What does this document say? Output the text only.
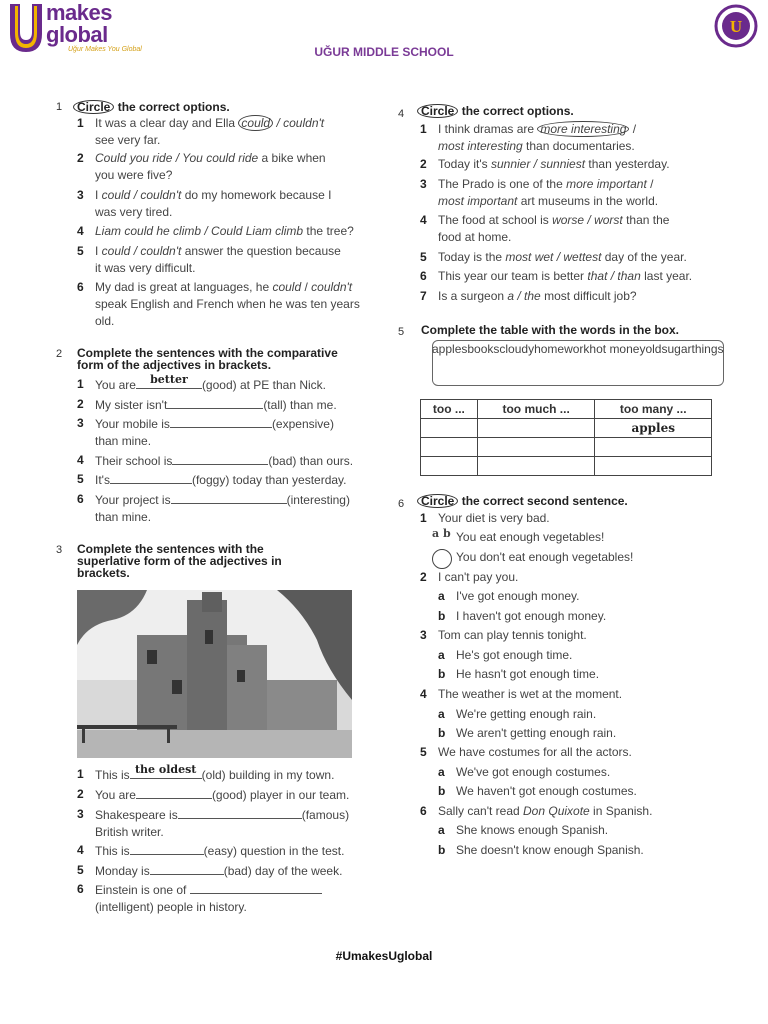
makes
global
Uğur Makes You Global	UĞUR MIDDLE SCHOOL
U
1	Circle the correct options.
1 It was a clear day and Ella could / couldn't
see very far.
2 Could you ride / You could ride a bike when
you were five?
3 I could / couldn't do my homework because I
was very tired.
4 Liam could he climb / Could Liam climb the tree?
5 I could / couldn't answer the question because
it was very difficult.
6 My dad is great at languages, he could / couldn't
speak English and French when he was ten years
old.
2 Complete the sentences with the comparative
form of the adjectives in brackets.
1 You are	better	(good) at PE than Nick.
2 My sister isn't	(tall) than me.
3 Your mobile is	(expensive)
than mine.
4 Their school is	(bad) than ours.
5 It's	(foggy) today than yesterday.
6 Your project is	(interesting)
than mine.
3 Complete the sentences with the
superlative form of the adjectives in
brackets.
1 This is the oldest (old) building in my town.
2 You are	(good) player in our team.
3 Shakespeare is	(famous)
British writer.
4 This is	(easy) question in the test.
5 Monday is	(bad) day of the week.
6 Einstein is one of
(intelligent) people in history.
4	Circle the correct options.
1 I think dramas are more interesting /
most interesting than documentaries.
2 Today it's sunnier / sunniest than yesterday.
3 The Prado is one of the more important /
most important art museums in the world.
4 The food at school is worse / worst than the
food at home.
5 Today is the most wet / wettest day of the year.
6 This year our team is better that / than last year.
7 Is a surgeon a / the most difficult job?
5 Complete the table with the words in the box.
applesbookscloudyhomeworkhot moneyoldsugarthings
too ...	too much ...	too many ...
		apples

6	Circle the correct second sentence.
1 Your diet is very bad.
a b You eat enough vegetables!
You don't eat enough vegetables!
2 I can't pay you.
a I've got enough money.
b I haven't got enough money.
3 Tom can play tennis tonight.
a He's got enough time.
b He hasn't got enough time.
4 The weather is wet at the moment.
a We're getting enough rain.
b We aren't getting enough rain.
5 We have costumes for all the actors.
a We've got enough costumes.
b We haven't got enough costumes.
6 Sally can't read Don Quixote in Spanish.
a She knows enough Spanish.
b She doesn't know enough Spanish.
#UmakesUglobal
